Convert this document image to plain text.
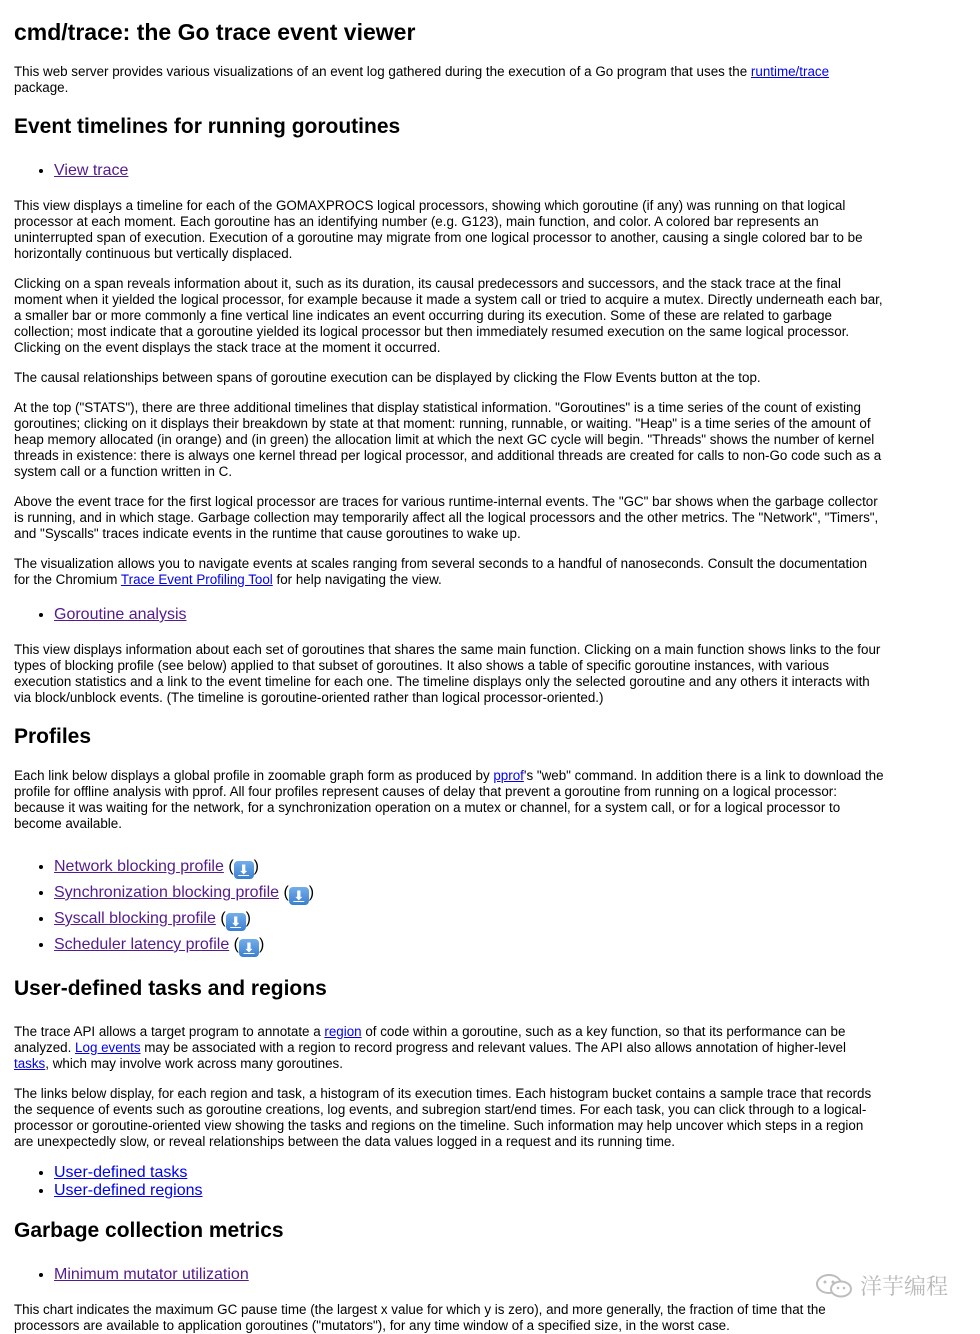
cmd/trace: the Go trace event viewer

This web server provides various visualizations of an event log gathered during the execution of a Go program that uses the runtime/trace package.

Event timelines for running goroutines
• View trace

This view displays a timeline for each of the GOMAXPROCS logical processors, showing which goroutine (if any) was running on that logical processor at each moment. Each goroutine has an identifying number (e.g. G123), main function, and color. A colored bar represents an uninterrupted span of execution. Execution of a goroutine may migrate from one logical processor to another, causing a single colored bar to be horizontally continuous but vertically displaced.

Clicking on a span reveals information about it, such as its duration, its causal predecessors and successors, and the stack trace at the final moment when it yielded the logical processor, for example because it made a system call or tried to acquire a mutex. Directly underneath each bar, a smaller bar or more commonly a fine vertical line indicates an event occurring during its execution. Some of these are related to garbage collection; most indicate that a goroutine yielded its logical processor but then immediately resumed execution on the same logical processor. Clicking on the event displays the stack trace at the moment it occurred.

The causal relationships between spans of goroutine execution can be displayed by clicking the Flow Events button at the top.

At the top ("STATS"), there are three additional timelines that display statistical information. "Goroutines" is a time series of the count of existing goroutines; clicking on it displays their breakdown by state at that moment: running, runnable, or waiting. "Heap" is a time series of the amount of heap memory allocated (in orange) and (in green) the allocation limit at which the next GC cycle will begin. "Threads" shows the number of kernel threads in existence: there is always one kernel thread per logical processor, and additional threads are created for calls to non-Go code such as a system call or a function written in C.

Above the event trace for the first logical processor are traces for various runtime-internal events. The "GC" bar shows when the garbage collector is running, and in which stage. Garbage collection may temporarily affect all the logical processors and the other metrics. The "Network", "Timers", and "Syscalls" traces indicate events in the runtime that cause goroutines to wake up.

The visualization allows you to navigate events at scales ranging from several seconds to a handful of nanoseconds. Consult the documentation for the Chromium Trace Event Profiling Tool for help navigating the view.

• Goroutine analysis

This view displays information about each set of goroutines that shares the same main function. Clicking on a main function shows links to the four types of blocking profile (see below) applied to that subset of goroutines. It also shows a table of specific goroutine instances, with various execution statistics and a link to the event timeline for each one. The timeline displays only the selected goroutine and any others it interacts with via block/unblock events. (The timeline is goroutine-oriented rather than logical processor-oriented.)

Profiles

Each link below displays a global profile in zoomable graph form as produced by pprof's "web" command. In addition there is a link to download the profile for offline analysis with pprof. All four profiles represent causes of delay that prevent a goroutine from running on a logical processor: because it was waiting for the network, for a synchronization operation on a mutex or channel, for a system call, or for a logical processor to become available.

• Network blocking profile ( ⬇ )
• Synchronization blocking profile ( ⬇ )
• Syscall blocking profile ( ⬇ )
• Scheduler latency profile ( ⬇ )
User-defined tasks and regions

The trace API allows a target program to annotate a region of code within a goroutine, such as a key function, so that its performance can be analyzed. Log events may be associated with a region to record progress and relevant values. The API also allows annotation of higher-level tasks, which may involve work across many goroutines.

The links below display, for each region and task, a histogram of its execution times. Each histogram bucket contains a sample trace that records the sequence of events such as goroutine creations, log events, and subregion start/end times. For each task, you can click through to a logical-processor or goroutine-oriented view showing the tasks and regions on the timeline. Such information may help uncover which steps in a region are unexpectedly slow, or reveal relationships between the data values logged in a request and its running time.

• User-defined tasks
• User-defined regions
Garbage collection metrics
• Minimum mutator utilization

This chart indicates the maximum GC pause time (the largest x value for which y is zero), and more generally, the fraction of time that the processors are available to application goroutines ("mutators"), for any time window of a specified size, in the worst case.

洋芋编程
